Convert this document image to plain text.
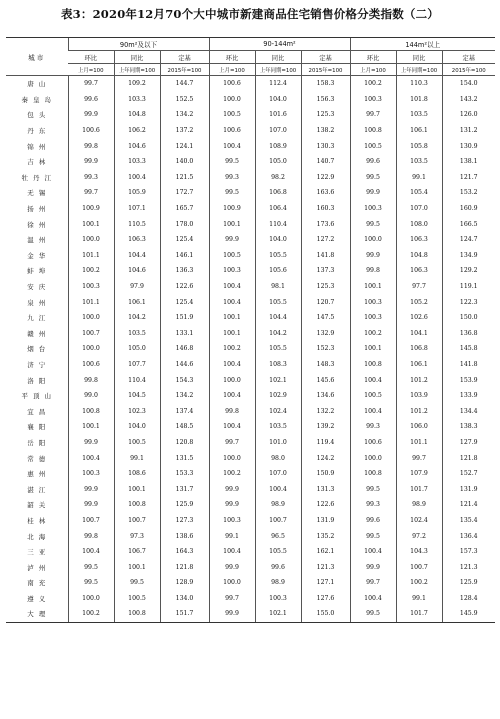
表3：2020年12月70个大中城市新建商品住宅销售价格分类指数（二）
城市	90m²及以下			90-144m²			144m²以上		
	环比	同比	定基	环比	同比	定基	环比	同比	定基
	上月=100	上年同期=100	2015年=100	上月=100	上年同期=100	2015年=100	上月=100	上年同期=100	2015年=100
唐山	99.7	109.2	144.7	100.6	112.4	158.3	100.2	110.3	154.0
秦皇岛	99.6	103.3	152.5	100.0	104.0	156.3	100.3	101.8	143.2
包头	99.9	104.8	134.2	100.5	101.6	125.3	99.7	103.5	126.0
丹东	100.6	106.2	137.2	100.6	107.0	138.2	100.8	106.1	131.2
锦州	99.8	104.6	124.1	100.4	108.9	130.3	100.5	105.8	130.9
吉林	99.9	103.3	140.0	99.5	105.0	140.7	99.6	103.5	138.1
牡丹江	99.3	100.4	121.5	99.3	98.2	122.9	99.5	99.1	121.7
无锡	99.7	105.9	172.7	99.5	106.8	163.6	99.9	105.4	153.2
扬州	100.9	107.1	165.7	100.9	106.4	160.3	100.3	107.0	160.9
徐州	100.1	110.5	178.0	100.1	110.4	173.6	99.5	108.0	166.5
温州	100.0	106.3	125.4	99.9	104.0	127.2	100.0	106.3	124.7
金华	101.1	104.4	146.1	100.5	105.5	141.8	99.9	104.8	134.9
蚌埠	100.2	104.6	136.3	100.3	105.6	137.3	99.8	106.3	129.2
安庆	100.3	97.9	122.6	100.4	98.1	125.3	100.1	97.7	119.1
泉州	101.1	106.1	125.4	100.4	105.5	120.7	100.3	105.2	122.3
九江	100.0	104.2	151.9	100.1	104.4	147.5	100.3	102.6	150.0
赣州	100.7	103.5	133.1	100.1	104.2	132.9	100.2	104.1	136.8
烟台	100.0	105.0	146.8	100.2	105.5	152.3	100.1	106.8	145.8
济宁	100.6	107.7	144.6	100.4	108.3	148.3	100.8	106.1	141.8
洛阳	99.8	110.4	154.3	100.0	102.1	145.6	100.4	101.2	153.9
平顶山	99.0	104.5	134.2	100.4	102.9	134.6	100.5	103.9	133.9
宜昌	100.8	102.3	137.4	99.8	102.4	132.2	100.4	101.2	134.4
襄阳	100.1	104.0	148.5	100.4	103.5	139.2	99.3	106.0	138.3
岳阳	99.9	100.5	120.8	99.7	101.0	119.4	100.6	101.1	127.9
常德	100.4	99.1	131.5	100.0	98.0	124.2	100.0	99.7	121.8
惠州	100.3	108.6	153.3	100.2	107.0	150.9	100.8	107.9	152.7
湛江	99.9	100.1	131.7	99.9	100.4	131.3	99.5	101.7	131.9
韶关	99.9	100.8	125.9	99.9	98.9	122.6	99.3	98.9	121.4
桂林	100.7	100.7	127.3	100.3	100.7	131.9	99.6	102.4	135.4
北海	99.8	97.3	138.6	99.1	96.5	135.2	99.5	97.2	136.4
三亚	100.4	106.7	164.3	100.4	105.5	162.1	100.4	104.3	157.3
泸州	99.5	100.1	121.8	99.9	99.6	121.3	99.9	100.7	121.3
南充	99.5	99.5	128.9	100.0	98.9	127.1	99.7	100.2	125.9
遵义	100.0	100.5	134.0	99.7	100.3	127.6	100.4	99.1	128.4
大理	100.2	100.8	151.7	99.9	102.1	155.0	99.5	101.7	145.9
